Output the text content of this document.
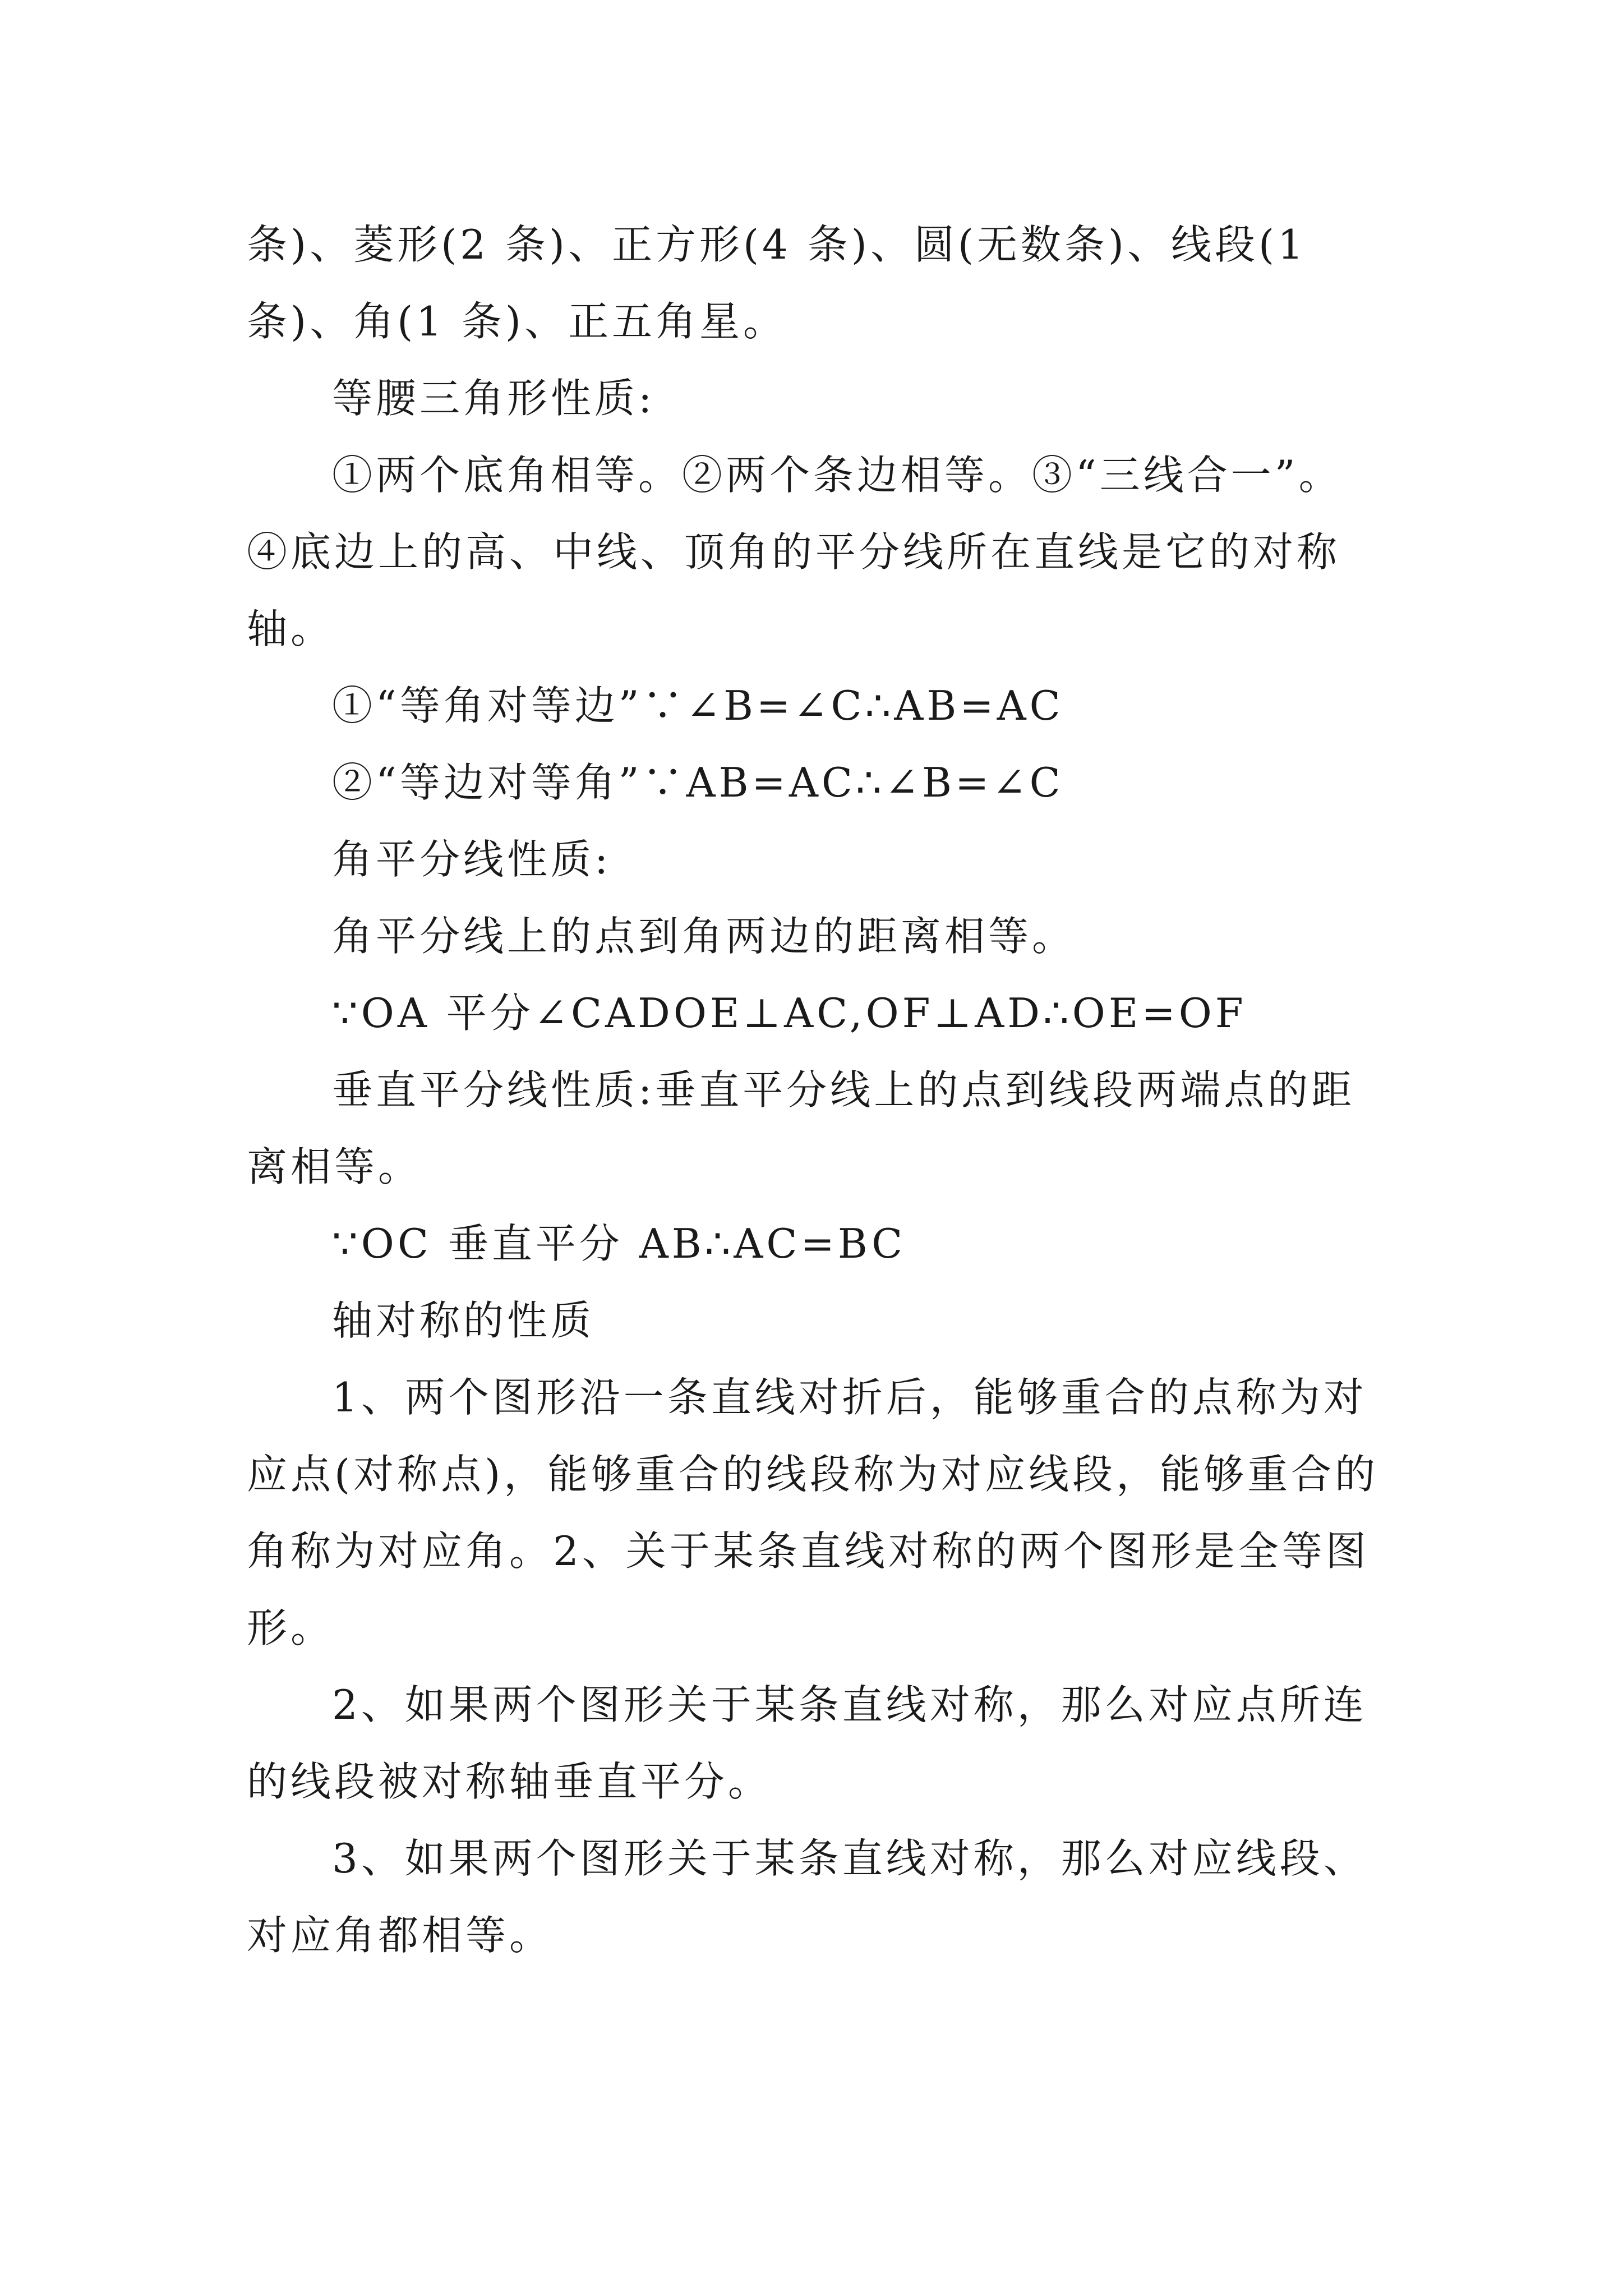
条)、菱形(2 条)、正方形(4 条)、圆(无数条)、线段(1 条)、角(1 条)、正五角星。

等腰三角形性质:

①两个底角相等。②两个条边相等。③“三线合一”。④底边上的高、中线、顶角的平分线所在直线是它的对称轴。

①“等角对等边”∵∠B=∠C∴AB=AC

②“等边对等角”∵AB=AC∴∠B=∠C

角平分线性质:

角平分线上的点到角两边的距离相等。

∵OA 平分∠CADOE⊥AC,OF⊥AD∴OE=OF

垂直平分线性质:垂直平分线上的点到线段两端点的距离相等。

∵OC 垂直平分 AB∴AC=BC

轴对称的性质

1、两个图形沿一条直线对折后，能够重合的点称为对应点(对称点)，能够重合的线段称为对应线段，能够重合的角称为对应角。2、关于某条直线对称的两个图形是全等图形。

2、如果两个图形关于某条直线对称，那么对应点所连的线段被对称轴垂直平分。

3、如果两个图形关于某条直线对称，那么对应线段、对应角都相等。
